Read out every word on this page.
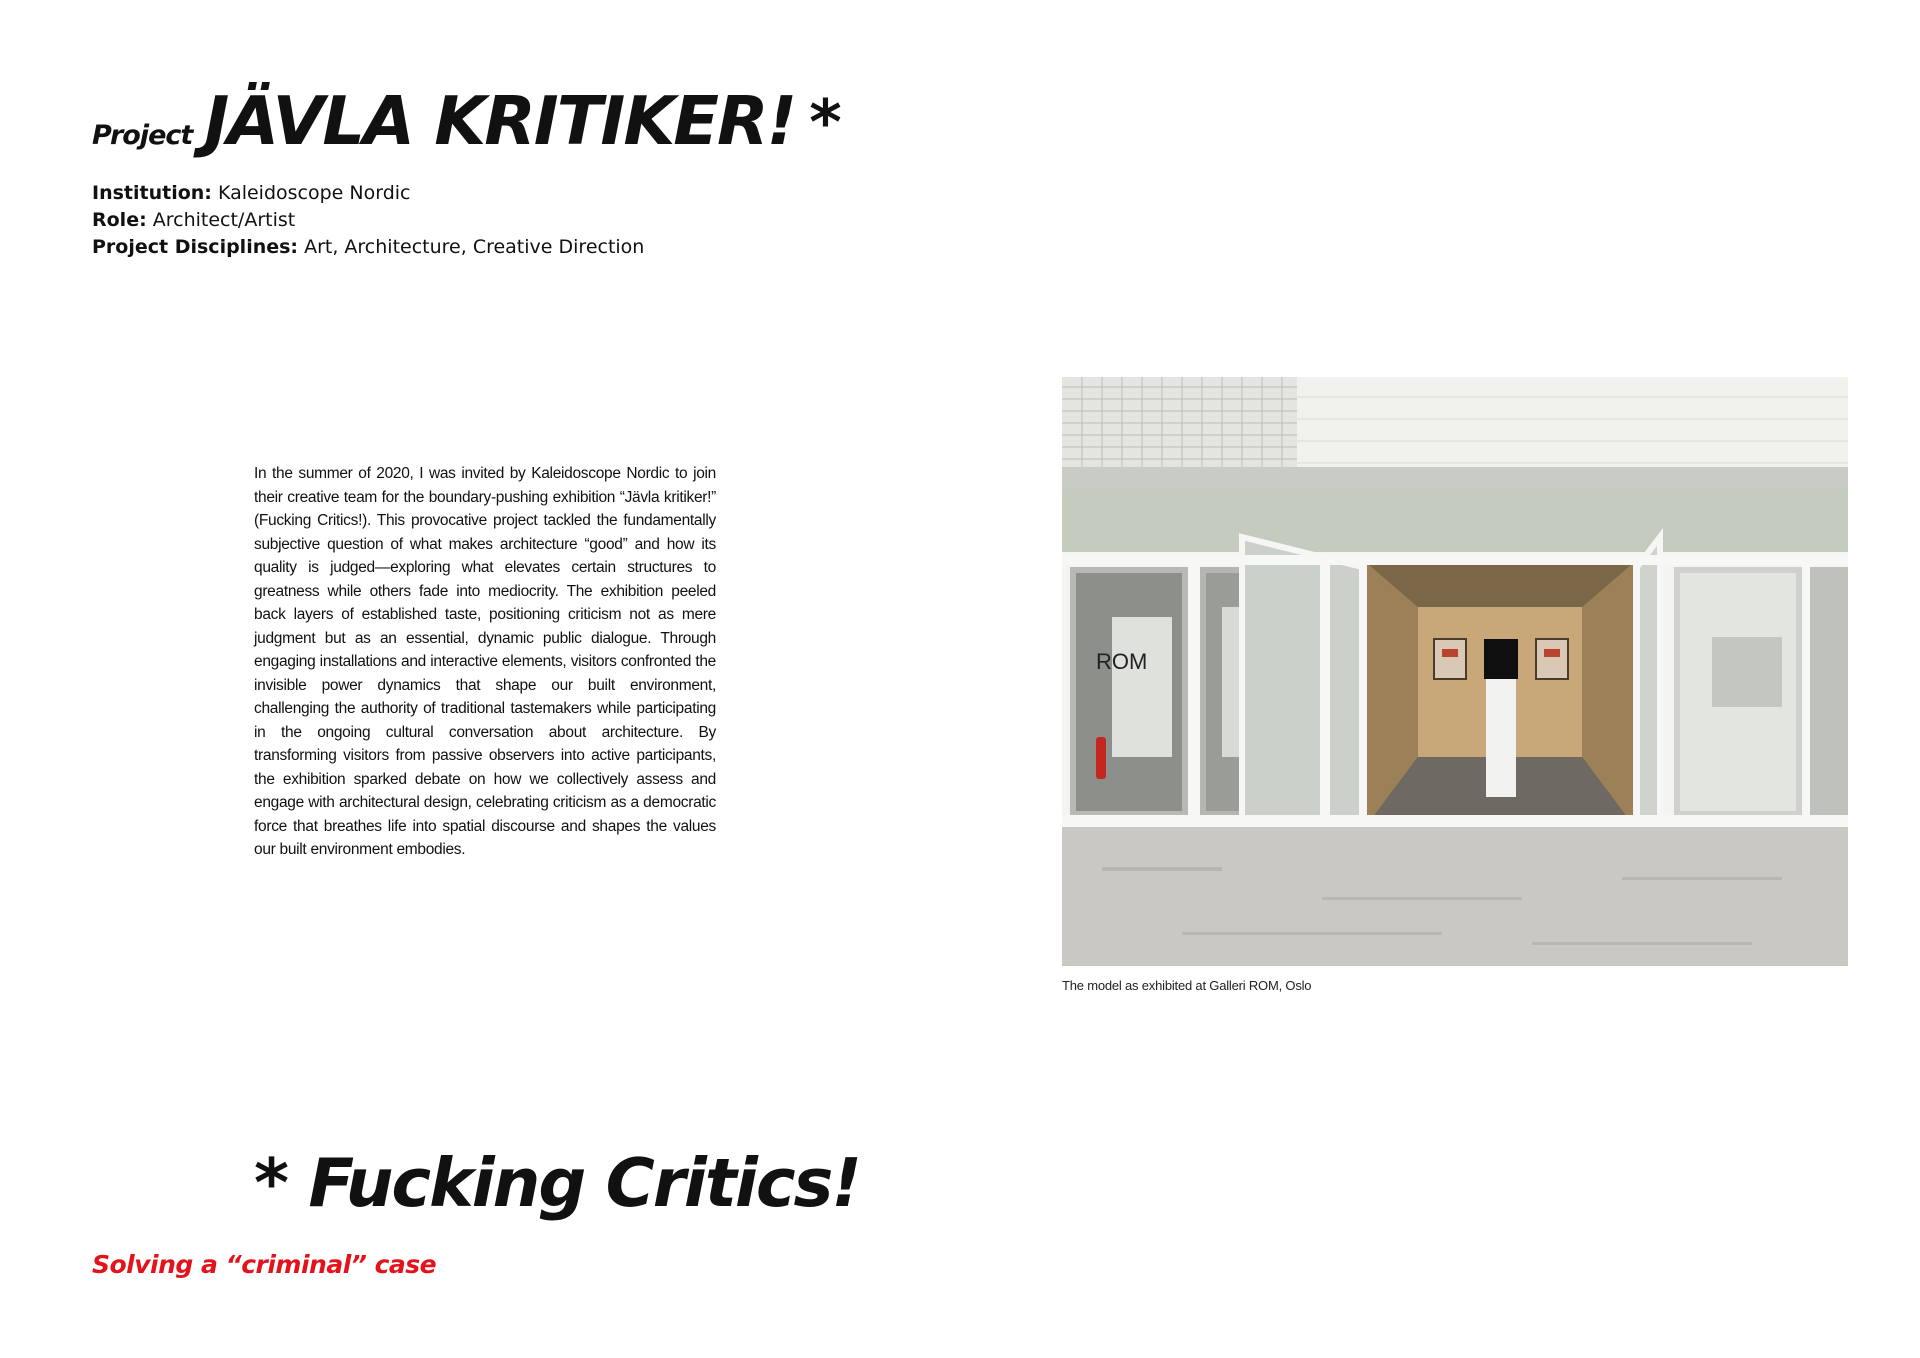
Project JÄVLA KRITIKER! *
Institution: Kaleidoscope Nordic
Role: Architect/Artist
Project Disciplines: Art, Architecture, Creative Direction
In the summer of 2020, I was invited by Kaleidoscope Nordic to join their creative team for the boundary-pushing exhibition “Jävla kritiker!” (Fucking Critics!). This provocative project tackled the fundamentally subjective question of what makes architecture “good” and how its quality is judged—exploring what elevates certain structures to greatness while others fade into mediocrity. The exhibition peeled back layers of established taste, positioning criticism not as mere judgment but as an essential, dynamic public dialogue. Through engaging installations and interactive elements, visitors confronted the invisible power dynamics that shape our built environment, challenging the authority of traditional tastemakers while participating in the ongoing cultural conversation about architecture. By transforming visitors from passive observers into active participants, the exhibition sparked debate on how we collectively assess and engage with architectural design, celebrating criticism as a democratic force that breathes life into spatial discourse and shapes the values our built environment embodies.
ROM
The model as exhibited at Galleri ROM, Oslo
* Fucking Critics!
Solving a “criminal” case
